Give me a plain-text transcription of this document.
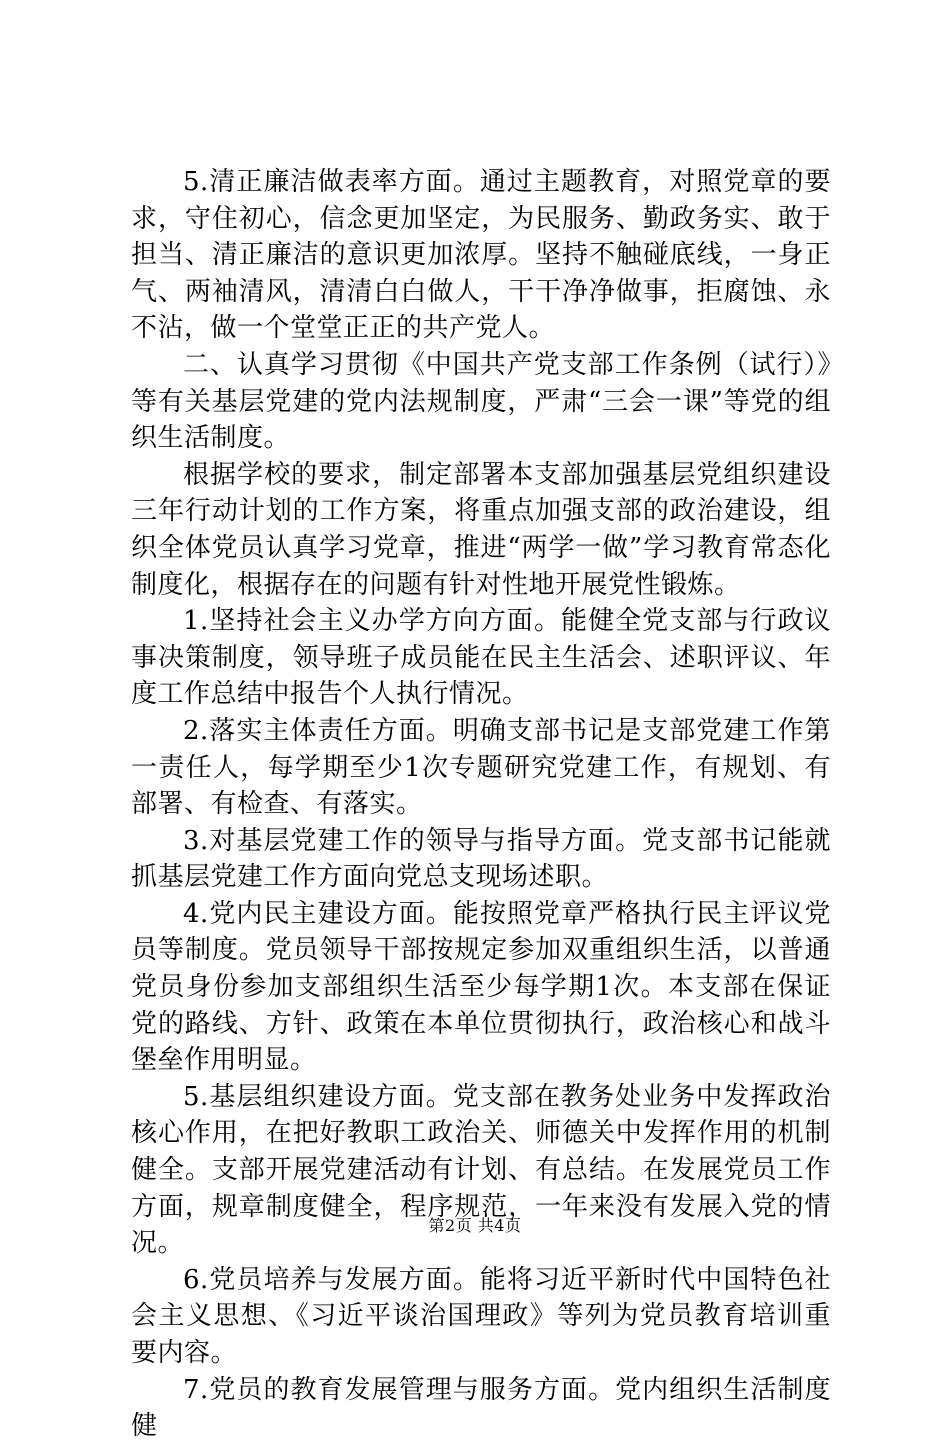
5.清正廉洁做表率方面。通过主题教育，对照党章的要求，守住初心，信念更加坚定，为民服务、勤政务实、敢于担当、清正廉洁的意识更加浓厚。坚持不触碰底线，一身正气、两袖清风，清清白白做人，干干净净做事，拒腐蚀、永不沾，做一个堂堂正正的共产党人。

二、认真学习贯彻《中国共产党支部工作条例（试行）》等有关基层党建的党内法规制度，严肃“三会一课”等党的组织生活制度。

根据学校的要求，制定部署本支部加强基层党组织建设三年行动计划的工作方案，将重点加强支部的政治建设，组织全体党员认真学习党章，推进“两学一做”学习教育常态化制度化，根据存在的问题有针对性地开展党性锻炼。

1.坚持社会主义办学方向方面。能健全党支部与行政议事决策制度，领导班子成员能在民主生活会、述职评议、年度工作总结中报告个人执行情况。

2.落实主体责任方面。明确支部书记是支部党建工作第一责任人，每学期至少1次专题研究党建工作，有规划、有部署、有检查、有落实。

3.对基层党建工作的领导与指导方面。党支部书记能就抓基层党建工作方面向党总支现场述职。

4.党内民主建设方面。能按照党章严格执行民主评议党员等制度。党员领导干部按规定参加双重组织生活，以普通党员身份参加支部组织生活至少每学期1次。本支部在保证党的路线、方针、政策在本单位贯彻执行，政治核心和战斗堡垒作用明显。

5.基层组织建设方面。党支部在教务处业务中发挥政治核心作用，在把好教职工政治关、师德关中发挥作用的机制健全。支部开展党建活动有计划、有总结。在发展党员工作方面，规章制度健全，程序规范，一年来没有发展入党的情况。

6.党员培养与发展方面。能将习近平新时代中国特色社会主义思想、《习近平谈治国理政》等列为党员教育培训重要内容。

7.党员的教育发展管理与服务方面。党内组织生活制度健

第2页 共4页
